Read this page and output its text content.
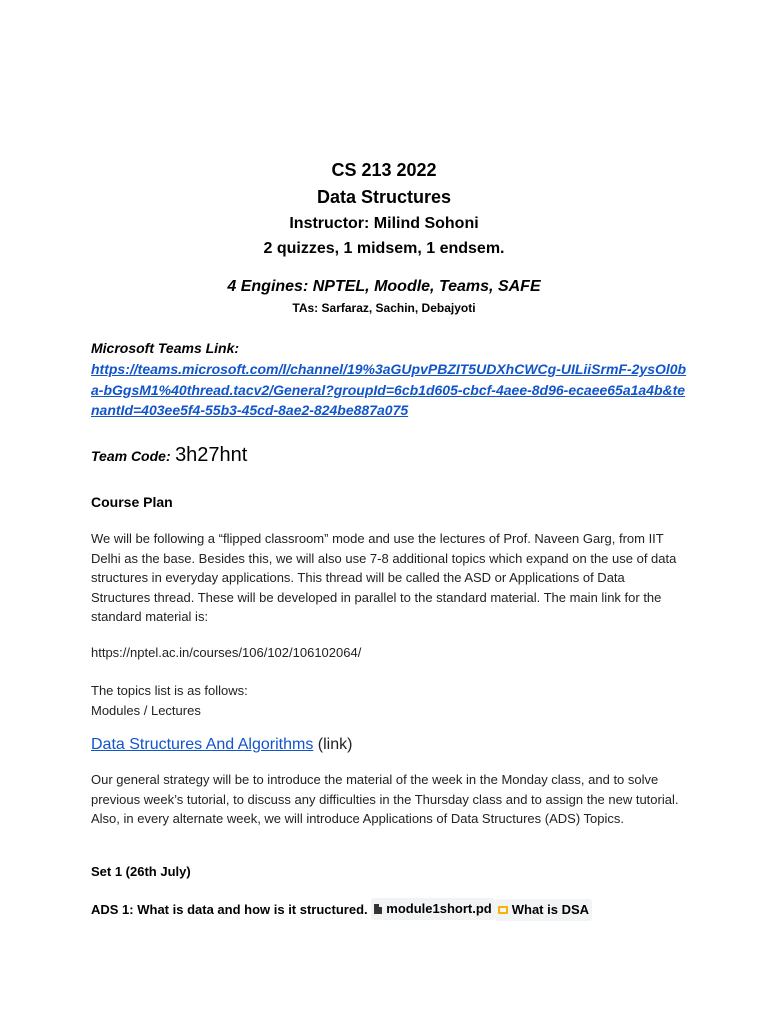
CS 213 2022
Data Structures
Instructor: Milind Sohoni
2 quizzes, 1 midsem, 1 endsem.
4 Engines: NPTEL, Moodle, Teams, SAFE
TAs: Sarfaraz, Sachin, Debajyoti
Microsoft Teams Link:
https://teams.microsoft.com/l/channel/19%3aGUpvPBZIT5UDXhCWCg-UILiiSrmF-2ysOl0ba-bGgsM1%40thread.tacv2/General?groupId=6cb1d605-cbcf-4aee-8d96-ecaee65a1a4b&tenantId=403ee5f4-55b3-45cd-8ae2-824be887a075
Team Code: 3h27hnt
Course Plan
We will be following a “flipped classroom” mode and use the lectures of Prof. Naveen Garg, from IIT Delhi as the base. Besides this, we will also use 7-8 additional topics which expand on the use of data structures in everyday applications. This thread will be called the ASD or Applications of Data Structures thread. These will be developed in parallel to the standard material. The main link for the standard material is:
https://nptel.ac.in/courses/106/102/106102064/
The topics list is as follows:
Modules / Lectures
Data Structures And Algorithms (link)
Our general strategy will be to introduce the material of the week in the Monday class, and to solve previous week’s tutorial, to discuss any difficulties in the Thursday class and to assign the new tutorial. Also, in every alternate week, we will introduce Applications of Data Structures (ADS) Topics.
Set 1 (26th July)
ADS 1: What is data and how is it structured. module1short.pd What is DSA
